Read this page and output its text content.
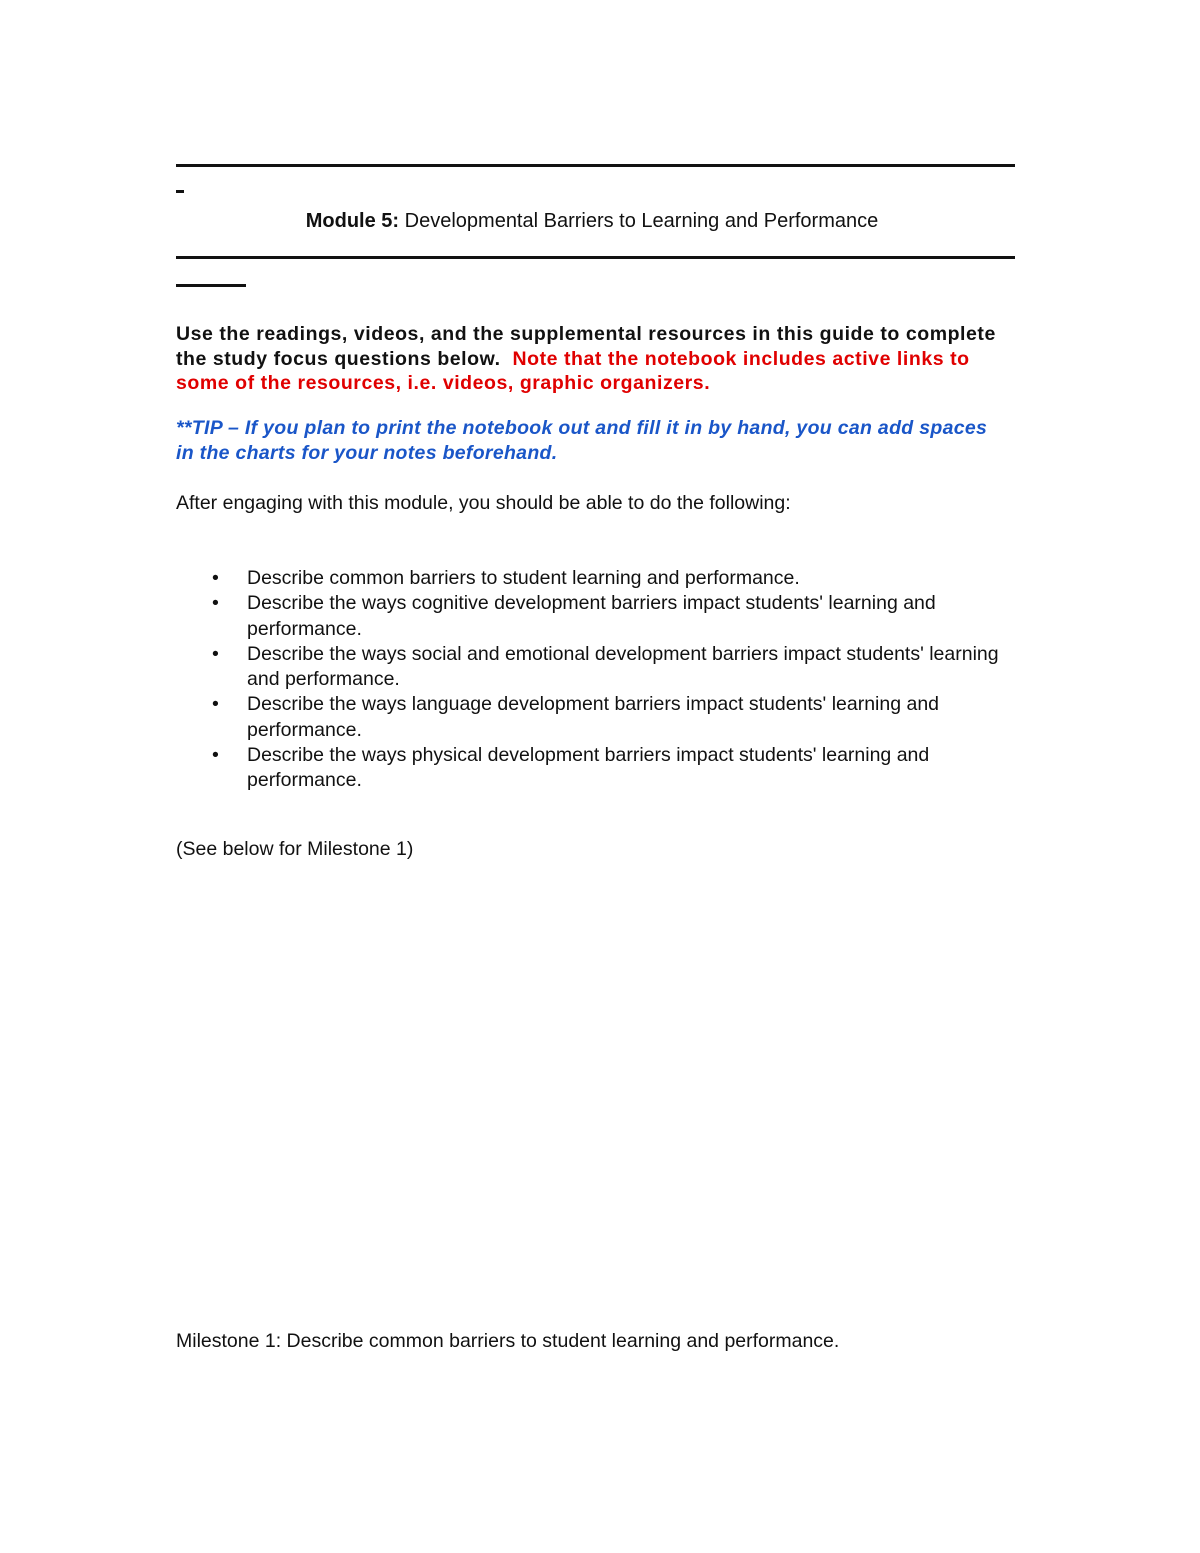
Module 5: Developmental Barriers to Learning and Performance
Use the readings, videos, and the supplemental resources in this guide to complete the study focus questions below. Note that the notebook includes active links to some of the resources, i.e. videos, graphic organizers.
**TIP – If you plan to print the notebook out and fill it in by hand, you can add spaces in the charts for your notes beforehand.
After engaging with this module, you should be able to do the following:
• Describe common barriers to student learning and performance.
• Describe the ways cognitive development barriers impact students' learning and performance.
• Describe the ways social and emotional development barriers impact students' learning and performance.
• Describe the ways language development barriers impact students' learning and performance.
• Describe the ways physical development barriers impact students' learning and performance.
(See below for Milestone 1)
Milestone 1: Describe common barriers to student learning and performance.
